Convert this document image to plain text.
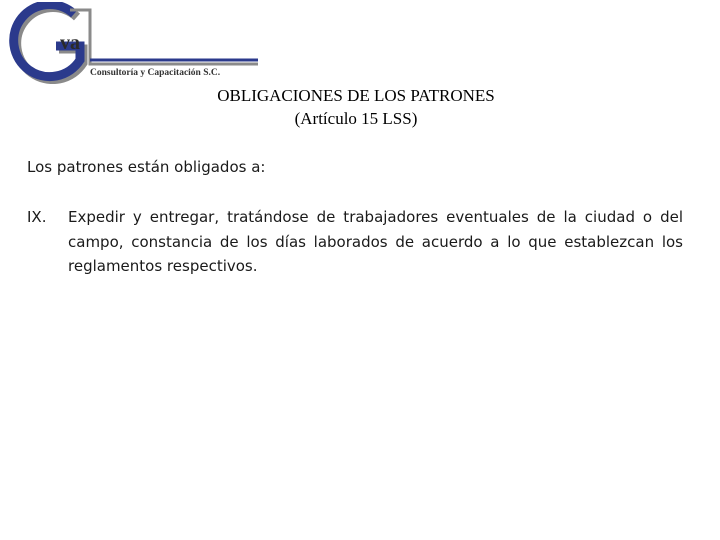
va
Consultoría y Capacitación S.C.
OBLIGACIONES DE LOS PATRONES
(Artículo 15 LSS)
Los patrones están obligados a:
IX. Expedir y entregar, tratándose de trabajadores eventuales de la ciudad o del campo, constancia de los días laborados de acuerdo a lo que establezcan los reglamentos respectivos.
